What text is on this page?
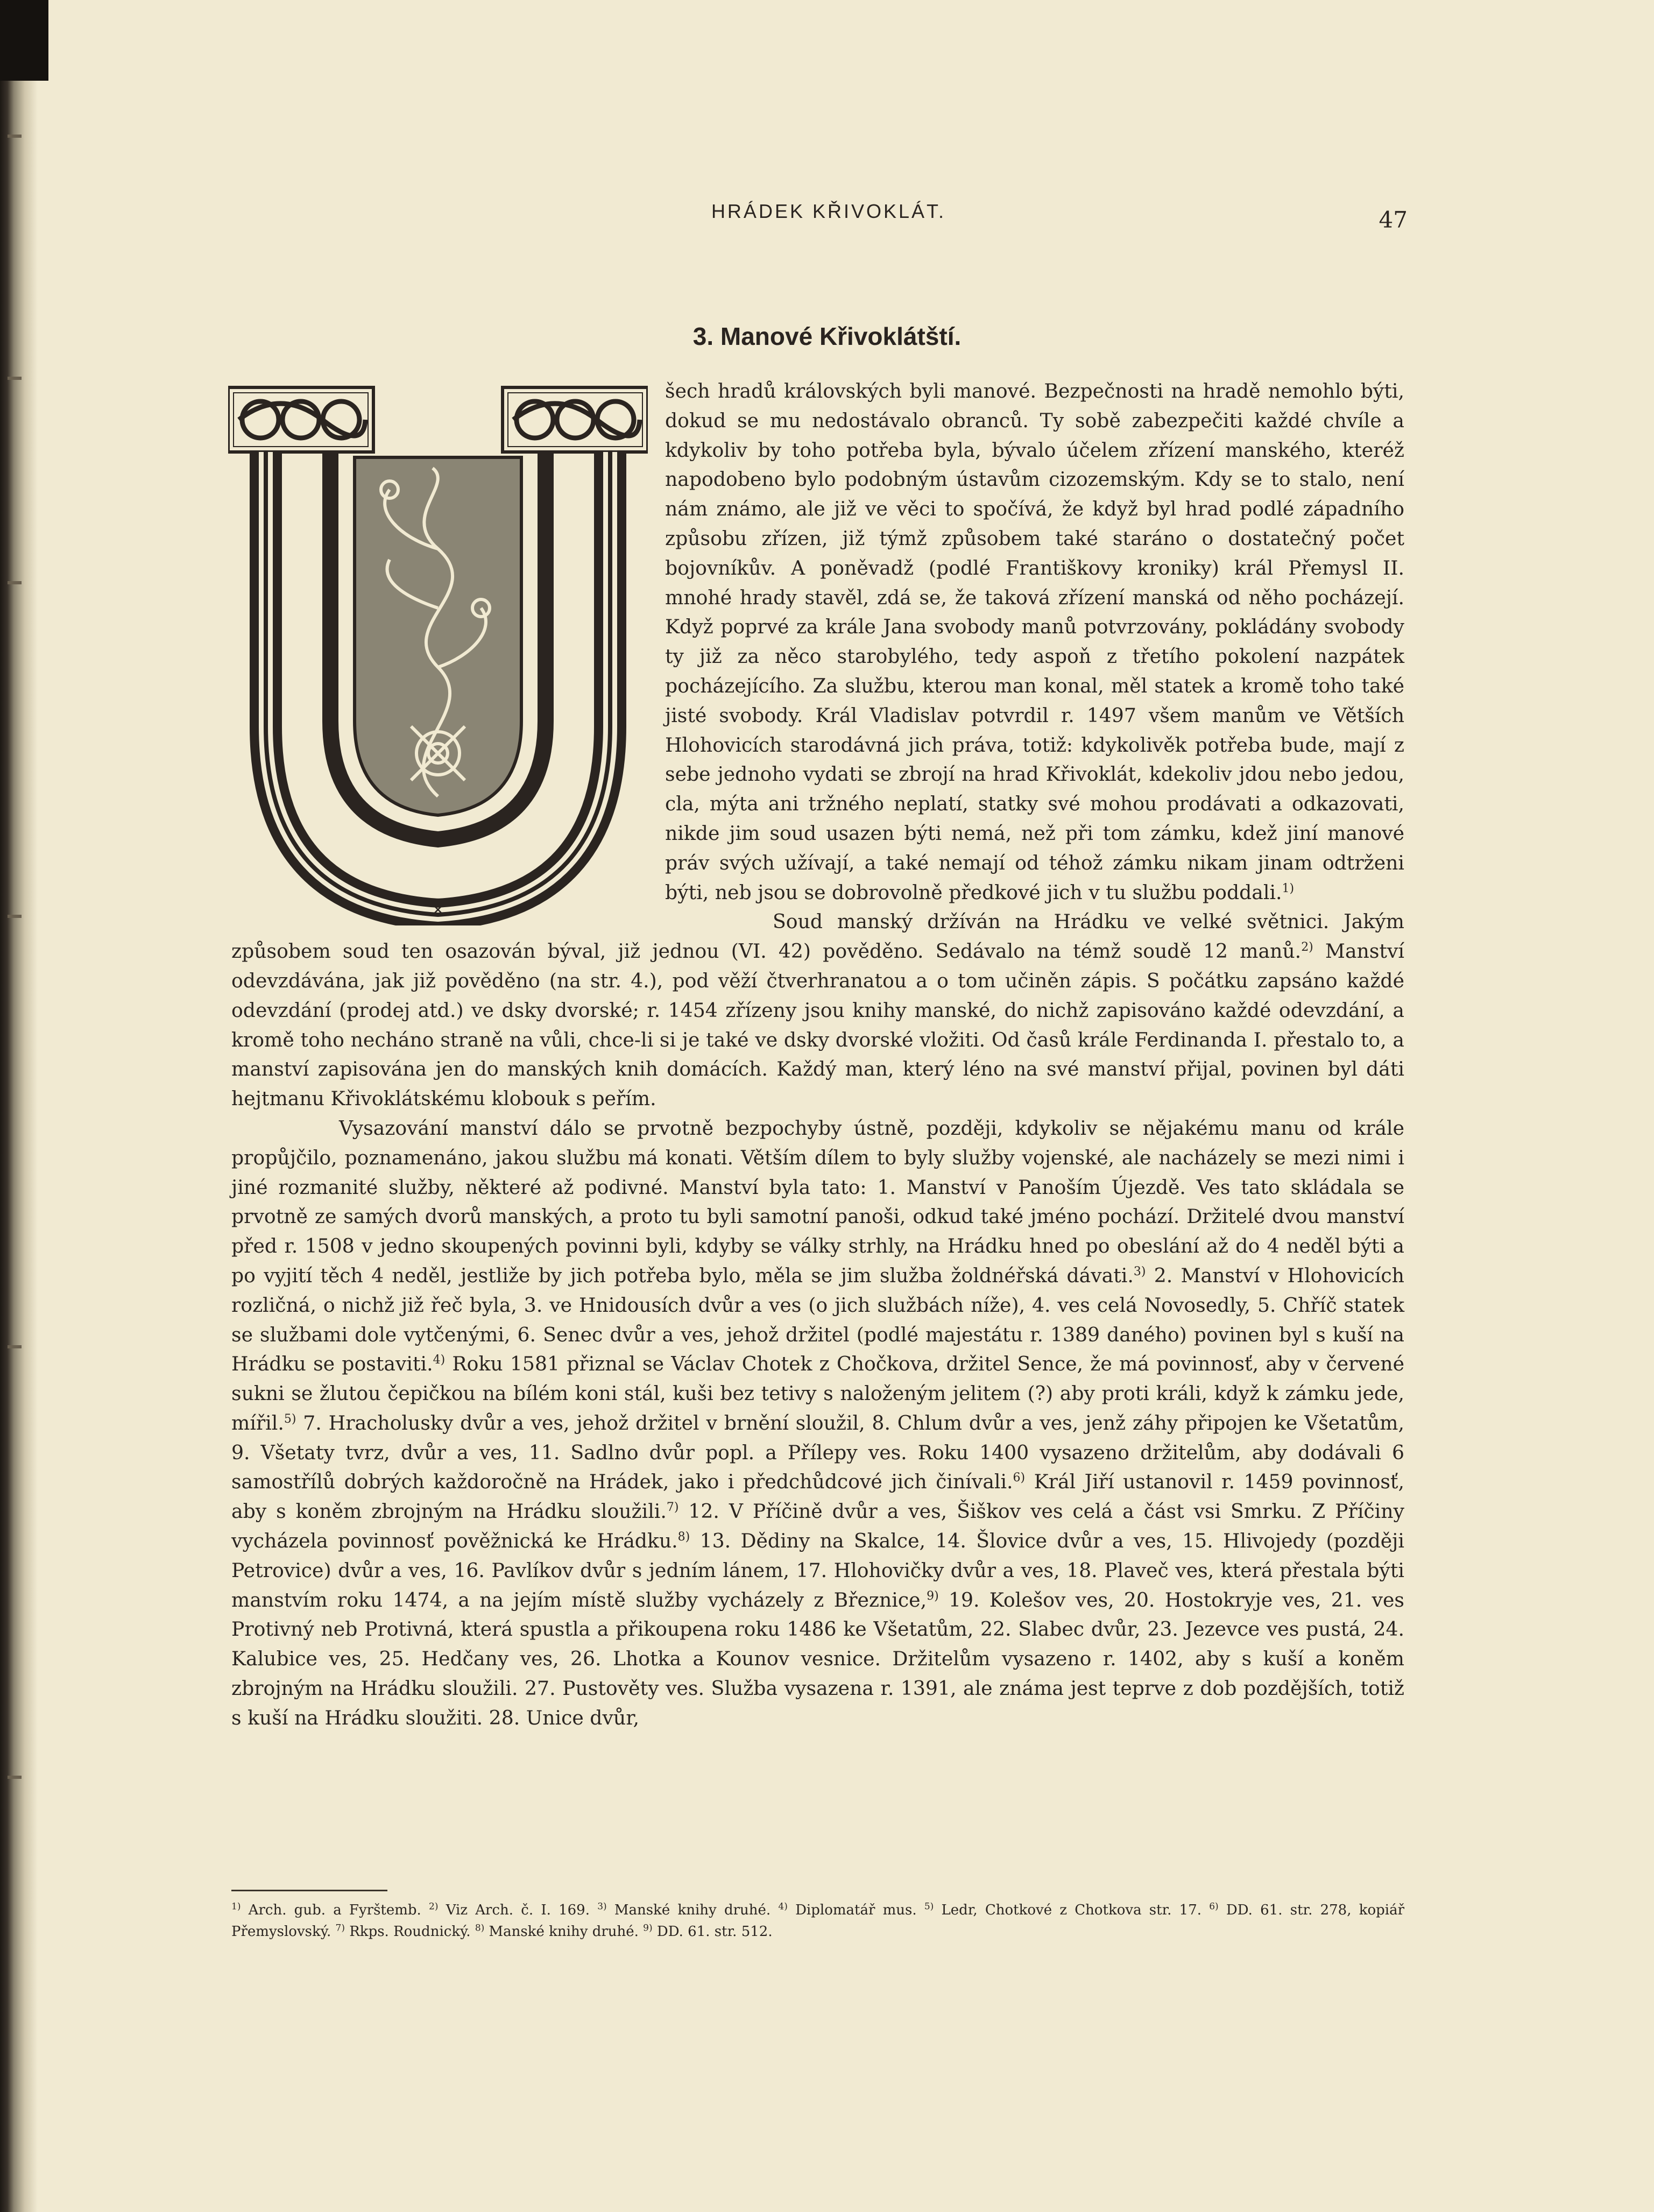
HRÁDEK KŘIVOKLÁT.	47
3. Manové Křivoklátští.
✕

šech hradů královských byli manové. Bezpečnosti na hradě nemohlo býti, dokud se mu nedostávalo obranců. Ty sobě zabezpečiti každé chvíle a kdykoliv by toho potřeba byla, bývalo účelem zřízení manského, kteréž napodobeno bylo podobným ústavům cizozemským. Kdy se to stalo, není nám známo, ale již ve věci to spočívá, že když byl hrad podlé západního způsobu zřízen, již týmž způsobem také staráno o dostatečný počet bojovníkův. A poněvadž (podlé Františkovy kroniky) král Přemysl II. mnohé hrady stavěl, zdá se, že taková zřízení manská od něho pocházejí. Když poprvé za krále Jana svobody manů potvrzovány, pokládány svobody ty již za něco starobylého, tedy aspoň z třetího pokolení nazpátek pocházejícího. Za službu, kterou man konal, měl statek a kromě toho také jisté svobody. Král Vladislav potvrdil r. 1497 všem manům ve Větších Hlohovicích starodávná jich práva, totiž: kdykolivěk potřeba bude, mají z sebe jednoho vydati se zbrojí na hrad Křivoklát, kdekoliv jdou nebo jedou, cla, mýta ani tržného neplatí, statky své mohou prodávati a odkazovati, nikde jim soud usazen býti nemá, než při tom zámku, kdež jiní manové práv svých užívají, a také nemají od téhož zámku nikam jinam odtrženi býti, neb jsou se dobrovolně předkové jich v tu službu poddali.$^{1)}$

Soud manský držíván na Hrádku ve velké světnici. Jakým způsobem soud ten osazován býval, již jednou (VI. 42) pověděno. Sedávalo na témž soudě 12 manů.$^{2)}$ Manství odevzdávána, jak již pověděno (na str. 4.), pod věží čtverhranatou a o tom učiněn zápis. S počátku zapsáno každé odevzdání (prodej atd.) ve dsky dvorské; r. 1454 zřízeny jsou knihy manské, do nichž zapisováno každé odevzdání, a kromě toho necháno straně na vůli, chce-li si je také ve dsky dvorské vložiti. Od časů krále Ferdinanda I. přestalo to, a manství zapisována jen do manských knih domácích. Každý man, který léno na své manství přijal, povinen byl dáti hejtmanu Křivoklátskému klobouk s peřím.

Vysazování manství dálo se prvotně bezpochyby ústně, později, kdykoliv se nějakému manu od krále propůjčilo, poznamenáno, jakou službu má konati. Větším dílem to byly služby vojenské, ale nacházely se mezi nimi i jiné rozmanité služby, některé až podivné. Manství byla tato: 1. Manství v Panoším Újezdě. Ves tato skládala se prvotně ze samých dvorů manských, a proto tu byli samotní panoši, odkud také jméno pochází. Držitelé dvou manství před r. 1508 v jedno skoupených povinni byli, kdyby se války strhly, na Hrádku hned po obeslání až do 4 neděl býti a po vyjití těch 4 neděl, jestliže by jich potřeba bylo, měla se jim služba žoldnéřská dávati.$^{3)}$ 2. Manství v Hlohovicích rozličná, o nichž již řeč byla, 3. ve Hnidousích dvůr a ves (o jich službách níže), 4. ves celá Novosedly, 5. Chříč statek se službami dole vytčenými, 6. Senec dvůr a ves, jehož držitel (podlé majestátu r. 1389 daného) povinen byl s kuší na Hrádku se postaviti.$^{4)}$ Roku 1581 přiznal se Václav Chotek z Chočkova, držitel Sence, že má povinnosť, aby v červené sukni se žlutou čepičkou na bílém koni stál, kuši bez tetivy s naloženým jelitem (?) aby proti králi, když k zámku jede, mířil.$^{5)}$ 7. Hracholusky dvůr a ves, jehož držitel v brnění sloužil, 8. Chlum dvůr a ves, jenž záhy připojen ke Všetatům, 9. Všetaty tvrz, dvůr a ves, 11. Sadlno dvůr popl. a Přílepy ves. Roku 1400 vysazeno držitelům, aby dodávali 6 samostřílů dobrých každoročně na Hrádek, jako i předchůdcové jich činívali.$^{6)}$ Král Jiří ustanovil r. 1459 povinnosť, aby s koněm zbrojným na Hrádku sloužili.$^{7)}$ 12. V Příčině dvůr a ves, Šiškov ves celá a část vsi Smrku. Z Příčiny vycházela povinnosť pověžnická ke Hrádku.$^{8)}$ 13. Dědiny na Skalce, 14. Šlovice dvůr a ves, 15. Hlivojedy (později Petrovice) dvůr a ves, 16. Pavlíkov dvůr s jedním lánem, 17. Hlohovičky dvůr a ves, 18. Plaveč ves, která přestala býti manstvím roku 1474, a na jejím místě služby vycházely z Březnice,$^{9)}$ 19. Kolešov ves, 20. Hostokryje ves, 21. ves Protivný neb Protivná, která spustla a přikoupena roku 1486 ke Všetatům, 22. Slabec dvůr, 23. Jezevce ves pustá, 24. Kalubice ves, 25. Hedčany ves, 26. Lhotka a Kounov vesnice. Držitelům vysazeno r. 1402, aby s kuší a koněm zbrojným na Hrádku sloužili. 27. Pustověty ves. Služba vysazena r. 1391, ale známa jest teprve z dob pozdějších, totiž s kuší na Hrádku sloužiti. 28. Unice dvůr,

$^{1)}$ Arch. gub. a Fyrštemb. $^{2)}$ Viz Arch. č. I. 169. $^{3)}$ Manské knihy druhé. $^{4)}$ Diplomatář mus. $^{5)}$ Ledr, Chotkové z Chotkova str. 17. $^{6)}$ DD. 61. str. 278, kopiář Přemyslovský. $^{7)}$ Rkps. Roudnický. $^{8)}$ Manské knihy druhé. $^{9)}$ DD. 61. str. 512.
